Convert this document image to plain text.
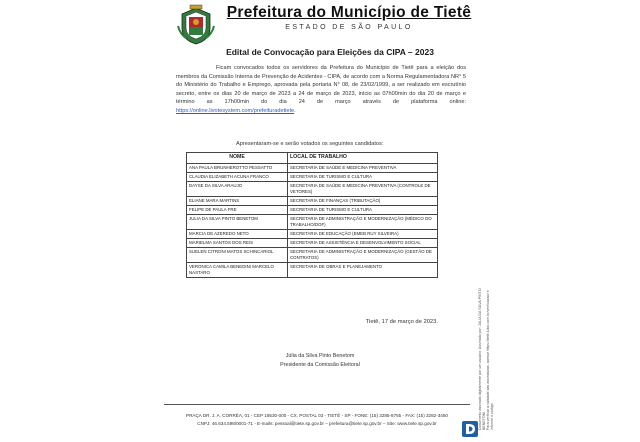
Prefeitura do Município de Tietê
ESTADO DE SÃO PAULO
Edital de Convocação para Eleições da CIPA – 2023
Ficam convocados todos os servidores da Prefeitura do Município de Tietê para a eleição dos membros da Comissão Interna de Prevenção de Acidentes - CIPA, de acordo com a Norma Regulamentadora NR° 5 do Ministério do Trabalho e Emprego, aprovada pela portaria N° 08, de 23/02/1999, a ser realizado em escrutínio secreto, entre os dias 20 de março de 2023 a 24 de março de 2023, início as 07h00min do dia 20 de março e término as 17h00min do dia 24 de março através de plataforma online: https://online.livotesystem.com/prefeituradetiete.
Apresentaram-se e serão votados os seguintes candidatos:
NOME	LOCAL DE TRABALHO
ANA PAULA BRUNHEROTTO PESSATTO	SECRETARIA DE SAÚDE E MEDICINA PREVENTIVA
CLAUDIA ELIZABETH ACUNA FRANCO	SECRETARIA DE TURISMO E CULTURA
DAYSE DA SILVA ARAUJO	SECRETARIA DE SAÚDE E MEDICINA PREVENTIVA (CONTROLE DE VETORES)
ELIANE MARA MARTINS	SECRETARIA DE FINANÇAS (TRIBUTAÇÃO)
FELIPE DE PAULA FRE	SECRETARIA DE TURISMO E CULTURA
JULIA DA SILVA PINTO BENETOM	SECRETARIA DE ADMINISTRAÇÃO E MODERNIZAÇÃO (MÉDICO DO TRABALHO/DOF)
MARCIA DE AZEREDO NETO	SECRETARIA DE EDUCAÇÃO (EMEB RUY SILVEIRA)
MARIELMA SANTOS DOS REIS	SECRETARIA DE ASSISTÊNCIA E DESENVOLVIMENTO SOCIAL
SUELEN CITRONI MATOS SCHINCARIOL	SECRETARIA DE ADMINISTRAÇÃO E MODERNIZAÇÃO (GESTÃO DE CONTRATOS)
VERONICA CAMILA BENEDINI MARCELO NASTARO	SECRETARIA DE OBRAS E PLANEJAMENTO
Tietê, 17 de março de 2023.
Júlia da Silva Pinto Benetom
Presidente da Comissão Eleitoral
PRAÇA DR. J. A. CORRÊA, 01 - CEP 18530-000 - CX. POSTAL 03 - TIETÊ - SP - FONE: (15) 3285-8755 - FAX: (15) 3282-3450
CNPJ: 46.634.598/0001-71 - E-mails: pessoal@tiete.sp.gov.br – prefeitura@tiete.sp.gov.br – Site: www.tiete.sp.gov.br	Documento assinado digitalmente por um usuário. Assinado por: JULIA DA SILVA PINTO BENETOM Para verificar a validade das assinaturas, acesse https://tiete.1doc.com.br/verificacao/ e informe o código
